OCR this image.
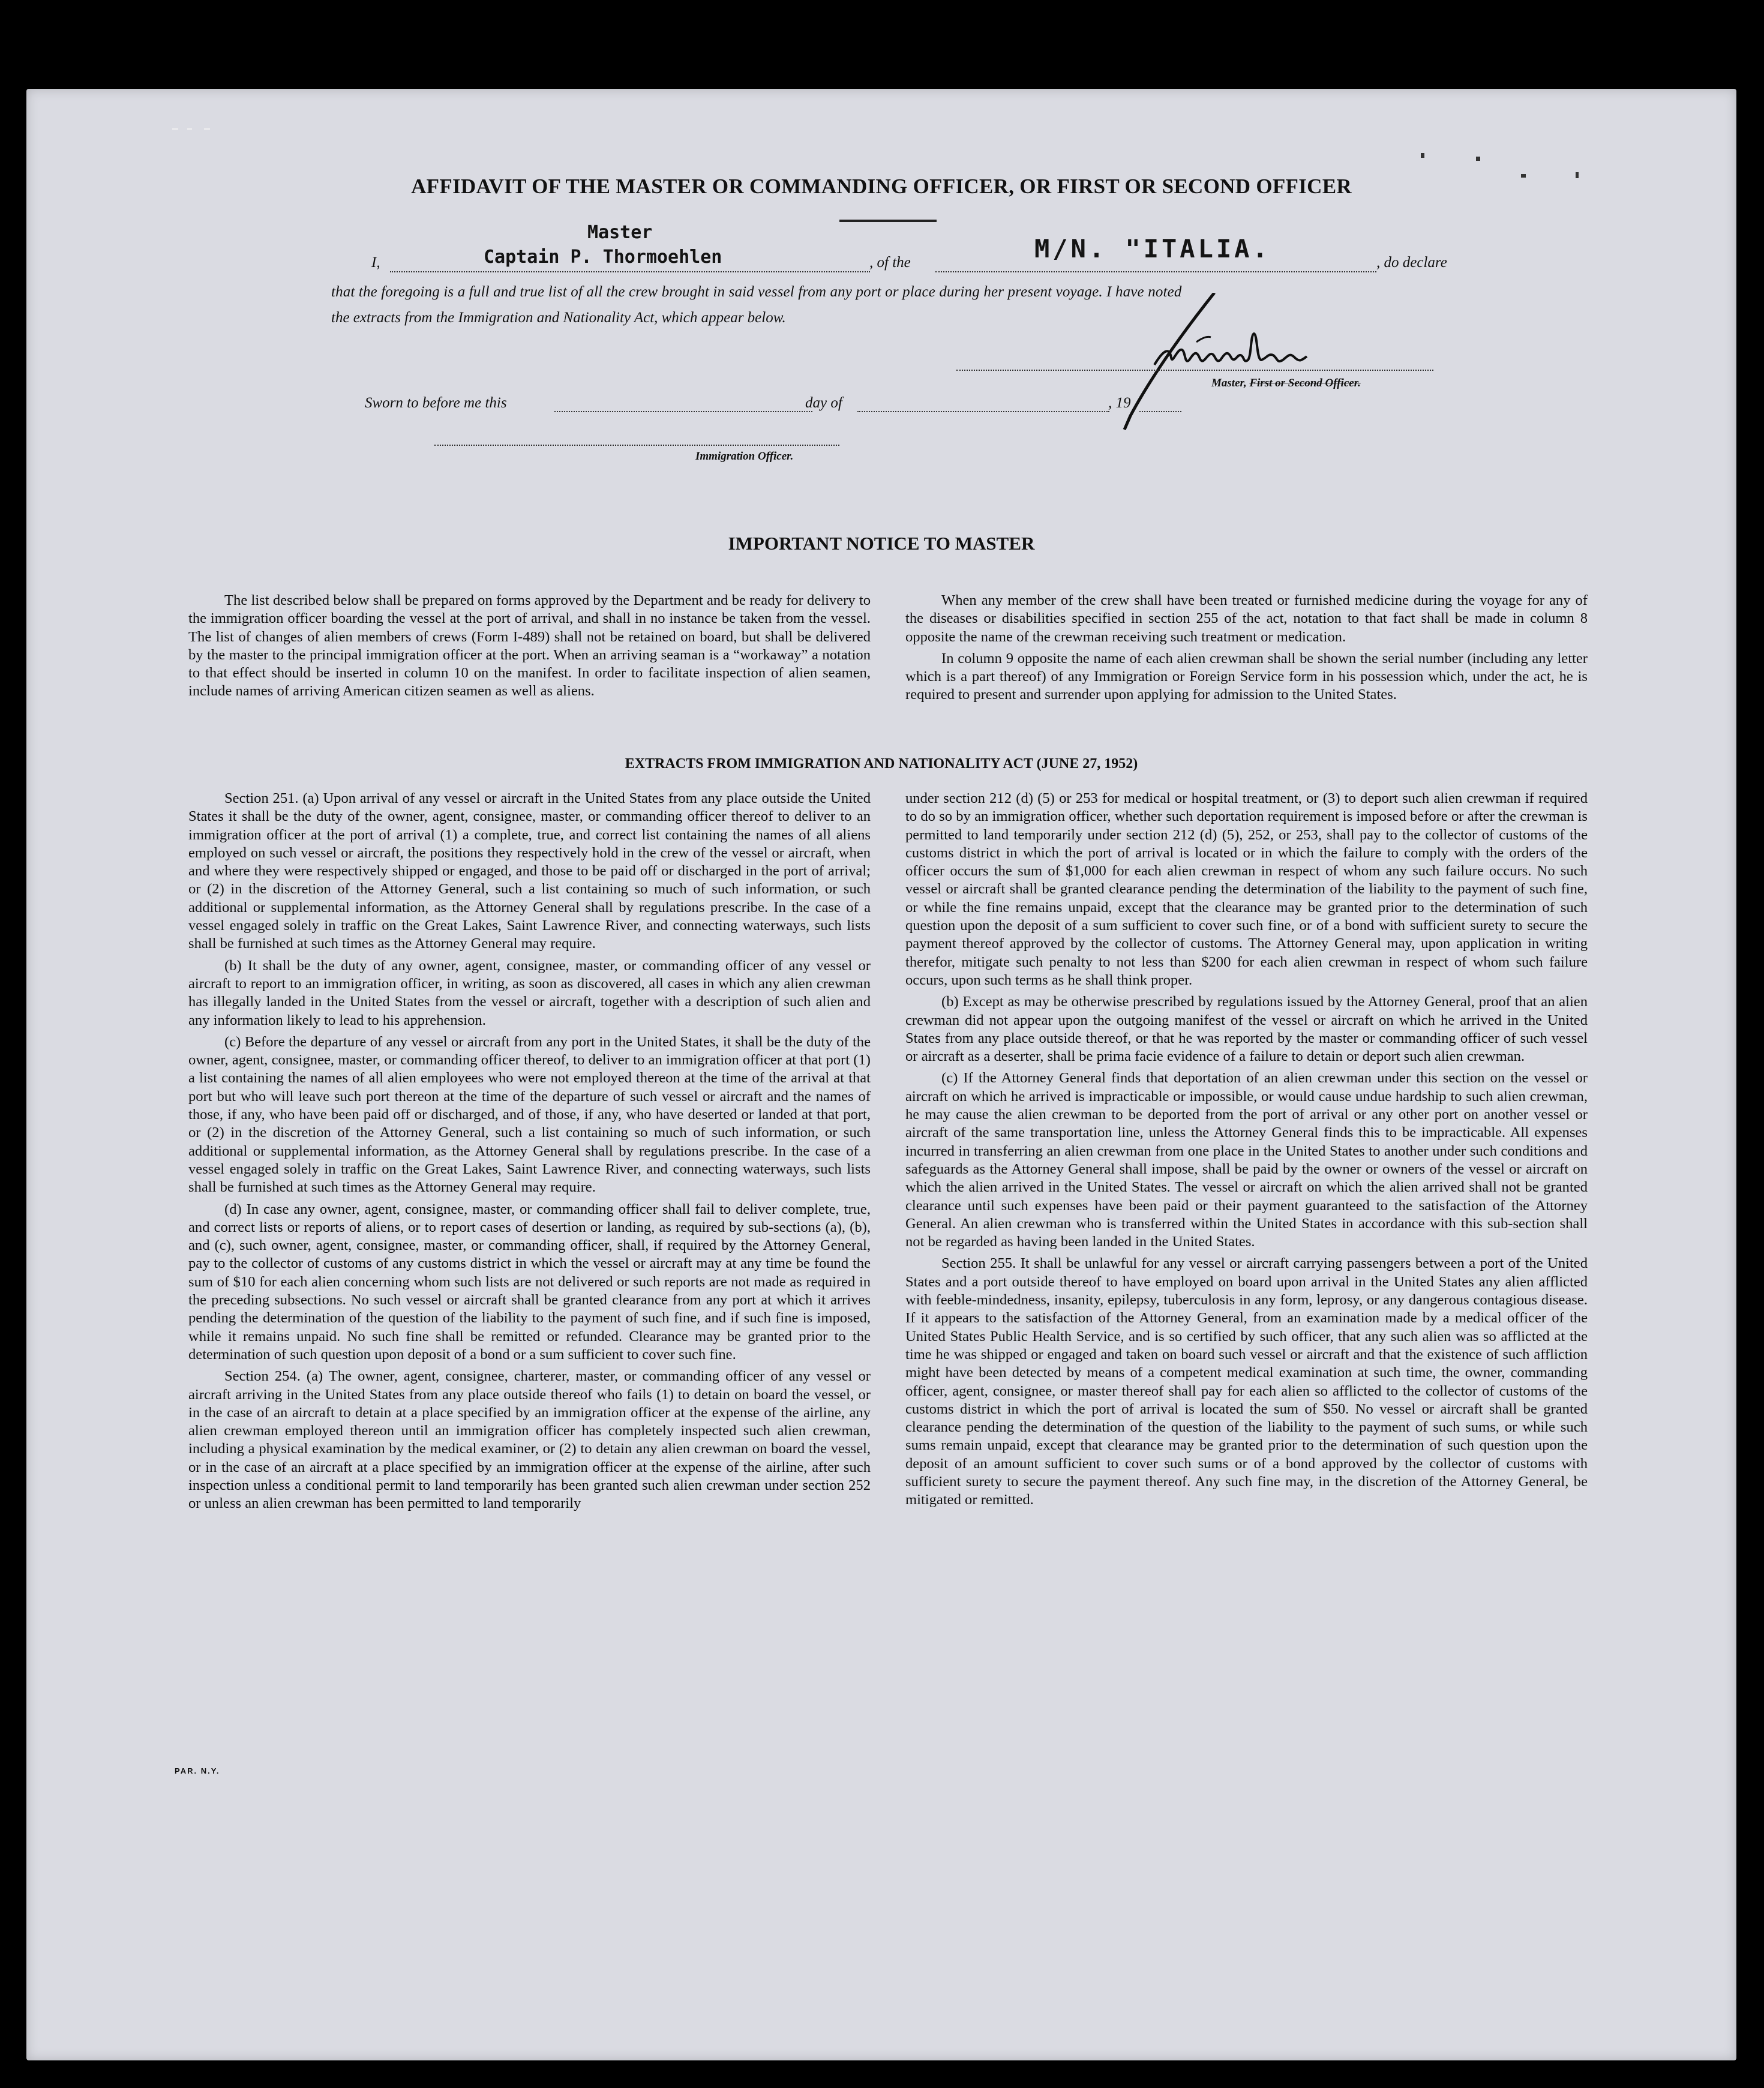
AFFIDAVIT OF THE MASTER OR COMMANDING OFFICER, OR FIRST OR SECOND OFFICER
Master
I,	Captain P. Thormoehlen	, of the	M/N. "ITALIA.	, do declare
that the foregoing is a full and true list of all the crew brought in said vessel from any port or place during her present voyage. I have noted
the extracts from the Immigration and Nationality Act, which appear below.
Master, First or Second Officer.
Sworn to before me this	day of	, 19
Immigration Officer.
IMPORTANT NOTICE TO MASTER

The list described below shall be prepared on forms approved by the Department and be ready for delivery to the immigration officer boarding the vessel at the port of arrival, and shall in no instance be taken from the vessel. The list of changes of alien members of crews (Form I-489) shall not be retained on board, but shall be delivered by the master to the principal immigration officer at the port. When an arriving seaman is a “workaway” a notation to that effect should be inserted in column 10 on the manifest. In order to facilitate inspection of alien seamen, include names of arriving American citizen seamen as well as aliens.

When any member of the crew shall have been treated or furnished medicine during the voyage for any of the diseases or disabilities specified in section 255 of the act, notation to that fact shall be made in column 8 opposite the name of the crewman receiving such treatment or medication.

In column 9 opposite the name of each alien crewman shall be shown the serial number (including any letter which is a part thereof) of any Immigration or Foreign Service form in his possession which, under the act, he is required to present and surrender upon applying for admission to the United States.

EXTRACTS FROM IMMIGRATION AND NATIONALITY ACT (JUNE 27, 1952)

Section 251. (a) Upon arrival of any vessel or aircraft in the United States from any place outside the United States it shall be the duty of the owner, agent, consignee, master, or commanding officer thereof to deliver to an immigration officer at the port of arrival (1) a complete, true, and correct list containing the names of all aliens employed on such vessel or aircraft, the positions they respectively hold in the crew of the vessel or aircraft, when and where they were respectively shipped or engaged, and those to be paid off or discharged in the port of arrival; or (2) in the discretion of the Attorney General, such a list containing so much of such information, or such additional or supplemental information, as the Attorney General shall by regulations prescribe. In the case of a vessel engaged solely in traffic on the Great Lakes, Saint Lawrence River, and connecting waterways, such lists shall be furnished at such times as the Attorney General may require.

(b) It shall be the duty of any owner, agent, consignee, master, or commanding officer of any vessel or aircraft to report to an immigration officer, in writing, as soon as discovered, all cases in which any alien crewman has illegally landed in the United States from the vessel or aircraft, together with a description of such alien and any information likely to lead to his apprehension.

(c) Before the departure of any vessel or aircraft from any port in the United States, it shall be the duty of the owner, agent, consignee, master, or commanding officer thereof, to deliver to an immigration officer at that port (1) a list containing the names of all alien employees who were not employed thereon at the time of the arrival at that port but who will leave such port thereon at the time of the departure of such vessel or aircraft and the names of those, if any, who have been paid off or discharged, and of those, if any, who have deserted or landed at that port, or (2) in the discretion of the Attorney General, such a list containing so much of such information, or such additional or supplemental information, as the Attorney General shall by regulations prescribe. In the case of a vessel engaged solely in traffic on the Great Lakes, Saint Lawrence River, and connecting waterways, such lists shall be furnished at such times as the Attorney General may require.

(d) In case any owner, agent, consignee, master, or commanding officer shall fail to deliver complete, true, and correct lists or reports of aliens, or to report cases of desertion or landing, as required by sub-sections (a), (b), and (c), such owner, agent, consignee, master, or commanding officer, shall, if required by the Attorney General, pay to the collector of customs of any customs district in which the vessel or aircraft may at any time be found the sum of $10 for each alien concerning whom such lists are not delivered or such reports are not made as required in the preceding subsections. No such vessel or aircraft shall be granted clearance from any port at which it arrives pending the determination of the question of the liability to the payment of such fine, and if such fine is imposed, while it remains unpaid. No such fine shall be remitted or refunded. Clearance may be granted prior to the determination of such question upon deposit of a bond or a sum sufficient to cover such fine.

Section 254. (a) The owner, agent, consignee, charterer, master, or commanding officer of any vessel or aircraft arriving in the United States from any place outside thereof who fails (1) to detain on board the vessel, or in the case of an aircraft to detain at a place specified by an immigration officer at the expense of the airline, any alien crewman employed thereon until an immigration officer has completely inspected such alien crewman, including a physical examination by the medical examiner, or (2) to detain any alien crewman on board the vessel, or in the case of an aircraft at a place specified by an immigration officer at the expense of the airline, after such inspection unless a conditional permit to land temporarily has been granted such alien crewman under section 252 or unless an alien crewman has been permitted to land temporarily

under section 212 (d) (5) or 253 for medical or hospital treatment, or (3) to deport such alien crewman if required to do so by an immigration officer, whether such deportation requirement is imposed before or after the crewman is permitted to land temporarily under section 212 (d) (5), 252, or 253, shall pay to the collector of customs of the customs district in which the port of arrival is located or in which the failure to comply with the orders of the officer occurs the sum of $1,000 for each alien crewman in respect of whom any such failure occurs. No such vessel or aircraft shall be granted clearance pending the determination of the liability to the payment of such fine, or while the fine remains unpaid, except that the clearance may be granted prior to the determination of such question upon the deposit of a sum sufficient to cover such fine, or of a bond with sufficient surety to secure the payment thereof approved by the collector of customs. The Attorney General may, upon application in writing therefor, mitigate such penalty to not less than $200 for each alien crewman in respect of whom such failure occurs, upon such terms as he shall think proper.

(b) Except as may be otherwise prescribed by regulations issued by the Attorney General, proof that an alien crewman did not appear upon the outgoing manifest of the vessel or aircraft on which he arrived in the United States from any place outside thereof, or that he was reported by the master or commanding officer of such vessel or aircraft as a deserter, shall be prima facie evidence of a failure to detain or deport such alien crewman.

(c) If the Attorney General finds that deportation of an alien crewman under this section on the vessel or aircraft on which he arrived is impracticable or impossible, or would cause undue hardship to such alien crewman, he may cause the alien crewman to be deported from the port of arrival or any other port on another vessel or aircraft of the same transportation line, unless the Attorney General finds this to be impracticable. All expenses incurred in transferring an alien crewman from one place in the United States to another under such conditions and safeguards as the Attorney General shall impose, shall be paid by the owner or owners of the vessel or aircraft on which the alien arrived in the United States. The vessel or aircraft on which the alien arrived shall not be granted clearance until such expenses have been paid or their payment guaranteed to the satisfaction of the Attorney General. An alien crewman who is transferred within the United States in accordance with this sub-section shall not be regarded as having been landed in the United States.

Section 255. It shall be unlawful for any vessel or aircraft carrying passengers between a port of the United States and a port outside thereof to have employed on board upon arrival in the United States any alien afflicted with feeble-mindedness, insanity, epilepsy, tuberculosis in any form, leprosy, or any dangerous contagious disease. If it appears to the satisfaction of the Attorney General, from an examination made by a medical officer of the United States Public Health Service, and is so certified by such officer, that any such alien was so afflicted at the time he was shipped or engaged and taken on board such vessel or aircraft and that the existence of such affliction might have been detected by means of a competent medical examination at such time, the owner, commanding officer, agent, consignee, or master thereof shall pay for each alien so afflicted to the collector of customs of the customs district in which the port of arrival is located the sum of $50. No vessel or aircraft shall be granted clearance pending the determination of the question of the liability to the payment of such sums, or while such sums remain unpaid, except that clearance may be granted prior to the determination of such question upon the deposit of an amount sufficient to cover such sums or of a bond approved by the collector of customs with sufficient surety to secure the payment thereof. Any such fine may, in the discretion of the Attorney General, be mitigated or remitted.

PAR. N.Y.
